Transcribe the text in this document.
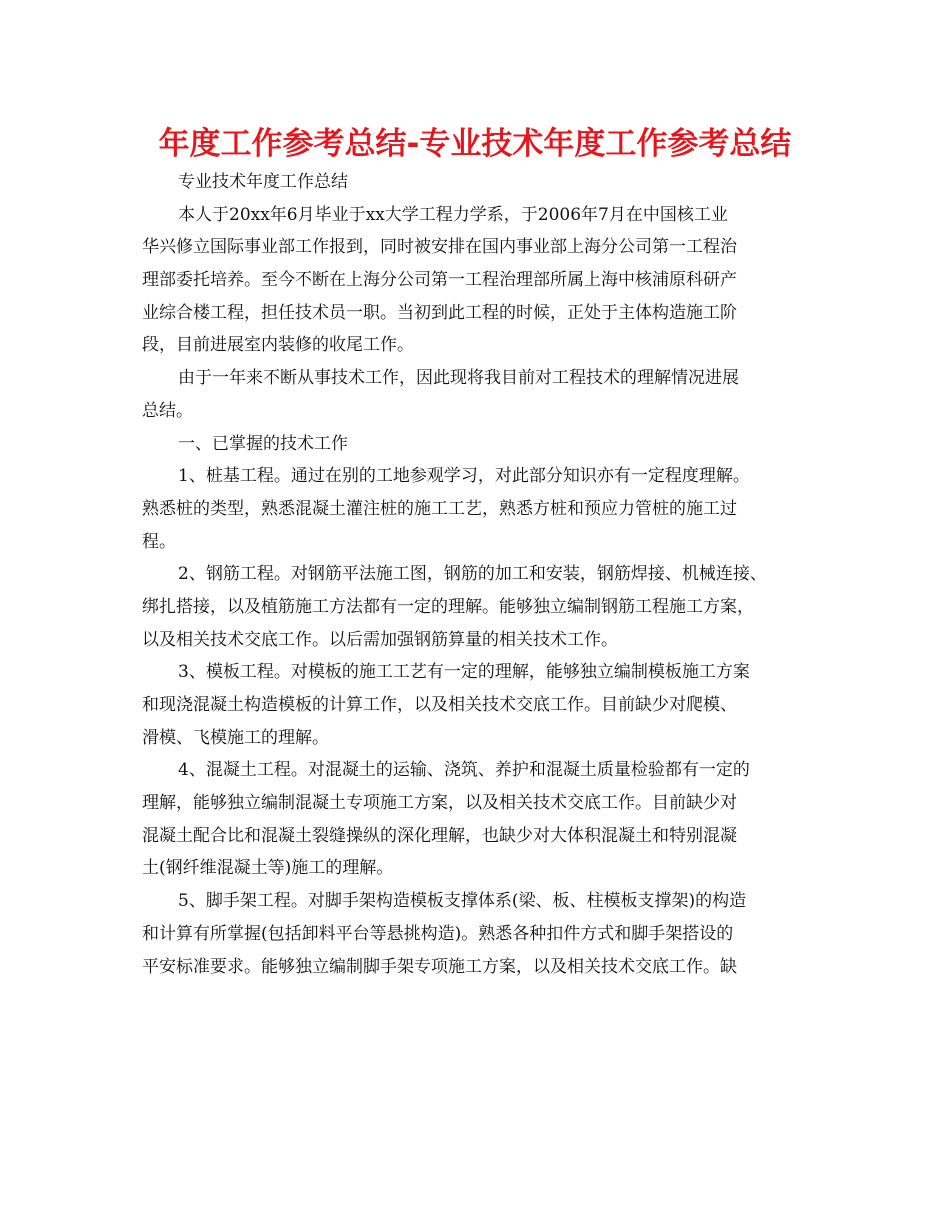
年度工作参考总结-专业技术年度工作参考总结
专业技术年度工作总结
本人于20xx年6月毕业于xx大学工程力学系，于2006年7月在中国核工业
华兴修立国际事业部工作报到，同时被安排在国内事业部上海分公司第一工程治
理部委托培养。至今不断在上海分公司第一工程治理部所属上海中核浦原科研产
业综合楼工程，担任技术员一职。当初到此工程的时候，正处于主体构造施工阶
段，目前进展室内装修的收尾工作。
由于一年来不断从事技术工作，因此现将我目前对工程技术的理解情况进展
总结。
一、已掌握的技术工作
1、桩基工程。通过在别的工地参观学习，对此部分知识亦有一定程度理解。
熟悉桩的类型，熟悉混凝土灌注桩的施工工艺，熟悉方桩和预应力管桩的施工过
程。
2、钢筋工程。对钢筋平法施工图，钢筋的加工和安装，钢筋焊接、机械连接、
绑扎搭接，以及植筋施工方法都有一定的理解。能够独立编制钢筋工程施工方案，
以及相关技术交底工作。以后需加强钢筋算量的相关技术工作。
3、模板工程。对模板的施工工艺有一定的理解，能够独立编制模板施工方案
和现浇混凝土构造模板的计算工作，以及相关技术交底工作。目前缺少对爬模、
滑模、飞模施工的理解。
4、混凝土工程。对混凝土的运输、浇筑、养护和混凝土质量检验都有一定的
理解，能够独立编制混凝土专项施工方案，以及相关技术交底工作。目前缺少对
混凝土配合比和混凝土裂缝操纵的深化理解，也缺少对大体积混凝土和特别混凝
土(钢纤维混凝土等)施工的理解。
5、脚手架工程。对脚手架构造模板支撑体系(梁、板、柱模板支撑架)的构造
和计算有所掌握(包括卸料平台等悬挑构造)。熟悉各种扣件方式和脚手架搭设的
平安标准要求。能够独立编制脚手架专项施工方案，以及相关技术交底工作。缺
